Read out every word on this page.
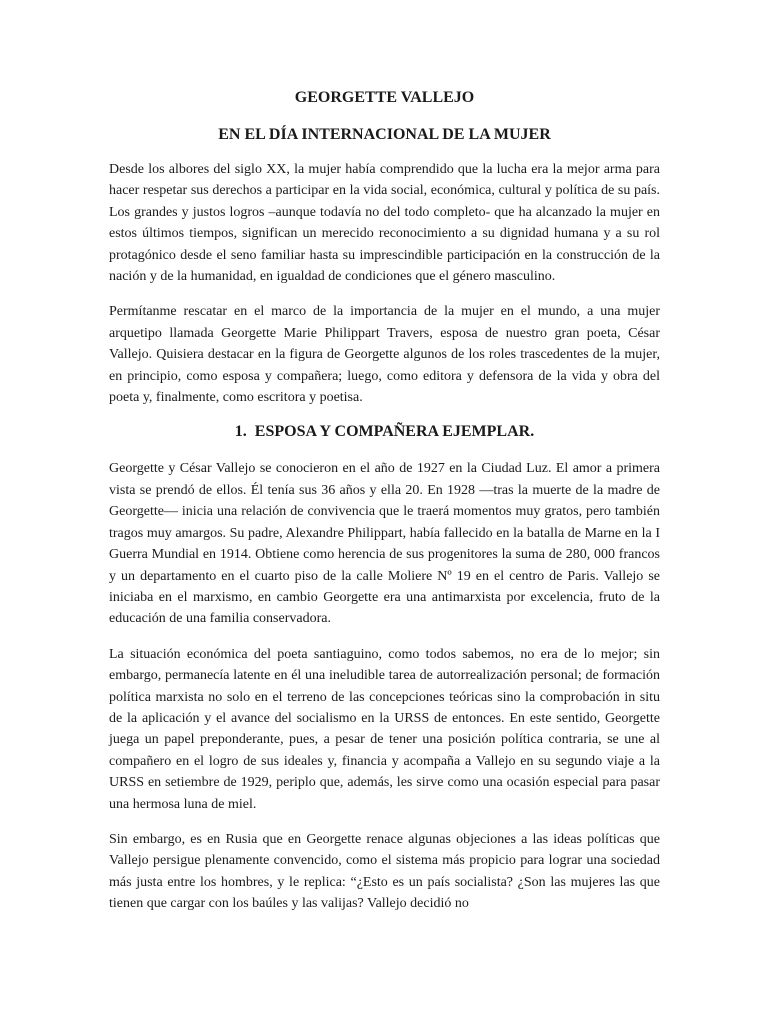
GEORGETTE VALLEJO
EN EL DÍA INTERNACIONAL DE LA MUJER

Desde los albores del siglo XX, la mujer había comprendido que la lucha era la mejor arma para hacer respetar sus derechos a participar en la vida social, económica, cultural y política de su país. Los grandes y justos logros –aunque todavía no del todo completo- que ha alcanzado la mujer en estos últimos tiempos, significan un merecido reconocimiento a su dignidad humana y a su rol protagónico desde el seno familiar hasta su imprescindible participación en la construcción de la nación y de la humanidad, en igualdad de condiciones que el género masculino.

Permítanme rescatar en el marco de la importancia de la mujer en el mundo, a una mujer arquetipo llamada Georgette Marie Philippart Travers, esposa de nuestro gran poeta, César Vallejo. Quisiera destacar en la figura de Georgette algunos de los roles trascedentes de la mujer, en principio, como esposa y compañera; luego, como editora y defensora de la vida y obra del poeta y, finalmente, como escritora y poetisa.

1. ESPOSA Y COMPAÑERA EJEMPLAR.

Georgette y César Vallejo se conocieron en el año de 1927 en la Ciudad Luz. El amor a primera vista se prendó de ellos. Él tenía sus 36 años y ella 20. En 1928 —tras la muerte de la madre de Georgette— inicia una relación de convivencia que le traerá momentos muy gratos, pero también tragos muy amargos. Su padre, Alexandre Philippart, había fallecido en la batalla de Marne en la I Guerra Mundial en 1914. Obtiene como herencia de sus progenitores la suma de 280, 000 francos y un departamento en el cuarto piso de la calle Moliere Nº 19 en el centro de Paris. Vallejo se iniciaba en el marxismo, en cambio Georgette era una antimarxista por excelencia, fruto de la educación de una familia conservadora.

La situación económica del poeta santiaguino, como todos sabemos, no era de lo mejor; sin embargo, permanecía latente en él una ineludible tarea de autorrealización personal; de formación política marxista no solo en el terreno de las concepciones teóricas sino la comprobación in situ de la aplicación y el avance del socialismo en la URSS de entonces. En este sentido, Georgette juega un papel preponderante, pues, a pesar de tener una posición política contraria, se une al compañero en el logro de sus ideales y, financia y acompaña a Vallejo en su segundo viaje a la URSS en setiembre de 1929, periplo que, además, les sirve como una ocasión especial para pasar una hermosa luna de miel.

Sin embargo, es en Rusia que en Georgette renace algunas objeciones a las ideas políticas que Vallejo persigue plenamente convencido, como el sistema más propicio para lograr una sociedad más justa entre los hombres, y le replica: “¿Esto es un país socialista? ¿Son las mujeres las que tienen que cargar con los baúles y las valijas? Vallejo decidió no
